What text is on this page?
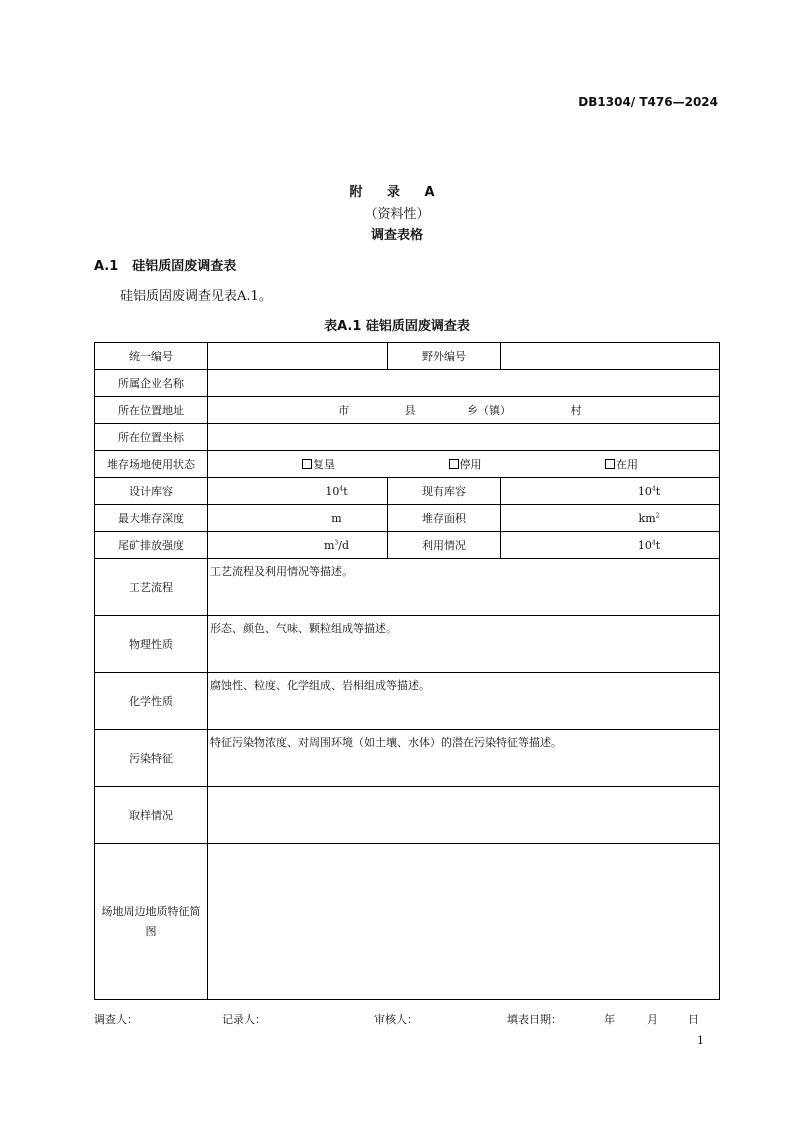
DB1304/ T476—2024
附 录 A
（资料性）
调查表格
A.1 硅铝质固废调查表
硅铝质固废调查见表A.1。
表A.1 硅铝质固废调查表
统一编号		野外编号	
所属企业名称			
所在位置地址	市 县 乡（镇） 村		
所在位置坐标			
堆存场地使用状态	复垦 停用 在用		
设计库容	$10^4t$	现有库容	$10^4t$
最大堆存深度	m	堆存面积	$km^2$
尾矿排放强度	$m^3/d$	利用情况	$10^4t$
工艺流程	工艺流程及利用情况等描述。		
物理性质	形态、颜色、气味、颗粒组成等描述。		
化学性质	腐蚀性、粒度、化学组成、岩相组成等描述。		
污染特征	特征污染物浓度、对周围环境（如土壤、水体）的潜在污染特征等描述。		
取样情况			
场地周边地质特征简图			
调查人：	记录人：	审核人：	填表日期：	年	月	日
1
